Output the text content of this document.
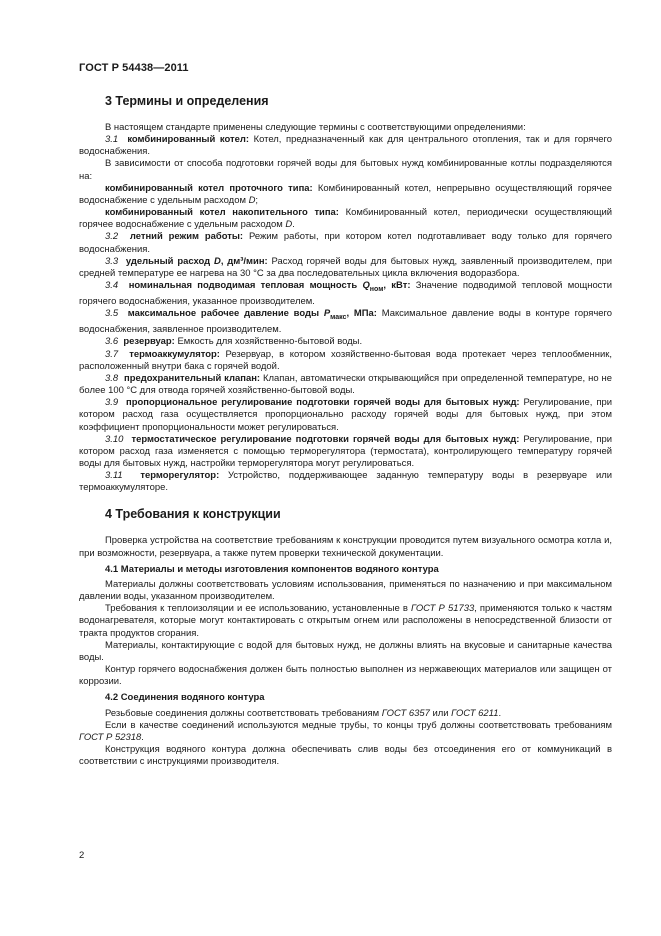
ГОСТ Р 54438—2011
3 Термины и определения

В настоящем стандарте применены следующие термины с соответствующими определениями:

3.1 комбинированный котел: Котел, предназначенный как для центрального отопления, так и для горячего водоснабжения.

В зависимости от способа подготовки горячей воды для бытовых нужд комбинированные котлы подразделяются на:

комбинированный котел проточного типа: Комбинированный котел, непрерывно осуществляющий горячее водоснабжение с удельным расходом D;

комбинированный котел накопительного типа: Комбинированный котел, периодически осуществляющий горячее водоснабжение с удельным расходом D.

3.2 летний режим работы: Режим работы, при котором котел подготавливает воду только для горячего водоснабжения.

3.3 удельный расход D, дм³/мин: Расход горячей воды для бытовых нужд, заявленный производителем, при средней температуре ее нагрева на 30 °С за два последовательных цикла включения водоразбора.

3.4 номинальная подводимая тепловая мощность $Q_{ном}$, кВт: Значение подводимой тепловой мощности горячего водоснабжения, указанное производителем.

3.5 максимальное рабочее давление воды $P_{макс}$, МПа: Максимальное давление воды в контуре горячего водоснабжения, заявленное производителем.

3.6 резервуар: Емкость для хозяйственно-бытовой воды.

3.7 термоаккумулятор: Резервуар, в котором хозяйственно-бытовая вода протекает через теплообменник, расположенный внутри бака с горячей водой.

3.8 предохранительный клапан: Клапан, автоматически открывающийся при определенной температуре, но не более 100 °С для отвода горячей хозяйственно-бытовой воды.

3.9 пропорциональное регулирование подготовки горячей воды для бытовых нужд: Регулирование, при котором расход газа осуществляется пропорционально расходу горячей воды для бытовых нужд, при этом коэффициент пропорциональности может регулироваться.

3.10 термостатическое регулирование подготовки горячей воды для бытовых нужд: Регулирование, при котором расход газа изменяется с помощью терморегулятора (термостата), контролирующего температуру горячей воды для бытовых нужд, настройки терморегулятора могут регулироваться.

3.11 терморегулятор: Устройство, поддерживающее заданную температуру воды в резервуаре или термоаккумуляторе.

4 Требования к конструкции

Проверка устройства на соответствие требованиям к конструкции проводится путем визуального осмотра котла и, при возможности, резервуара, а также путем проверки технической документации.

4.1 Материалы и методы изготовления компонентов водяного контура

Материалы должны соответствовать условиям использования, применяться по назначению и при максимальном давлении воды, указанном производителем.

Требования к теплоизоляции и ее использованию, установленные в ГОСТ Р 51733, применяются только к частям водонагревателя, которые могут контактировать с открытым огнем или расположены в непосредственной близости от тракта продуктов сгорания.

Материалы, контактирующие с водой для бытовых нужд, не должны влиять на вкусовые и санитарные качества воды.

Контур горячего водоснабжения должен быть полностью выполнен из нержавеющих материалов или защищен от коррозии.

4.2 Соединения водяного контура

Резьбовые соединения должны соответствовать требованиям ГОСТ 6357 или ГОСТ 6211.

Если в качестве соединений используются медные трубы, то концы труб должны соответствовать требованиям ГОСТ Р 52318.

Конструкция водяного контура должна обеспечивать слив воды без отсоединения его от коммуникаций в соответствии с инструкциями производителя.

2
